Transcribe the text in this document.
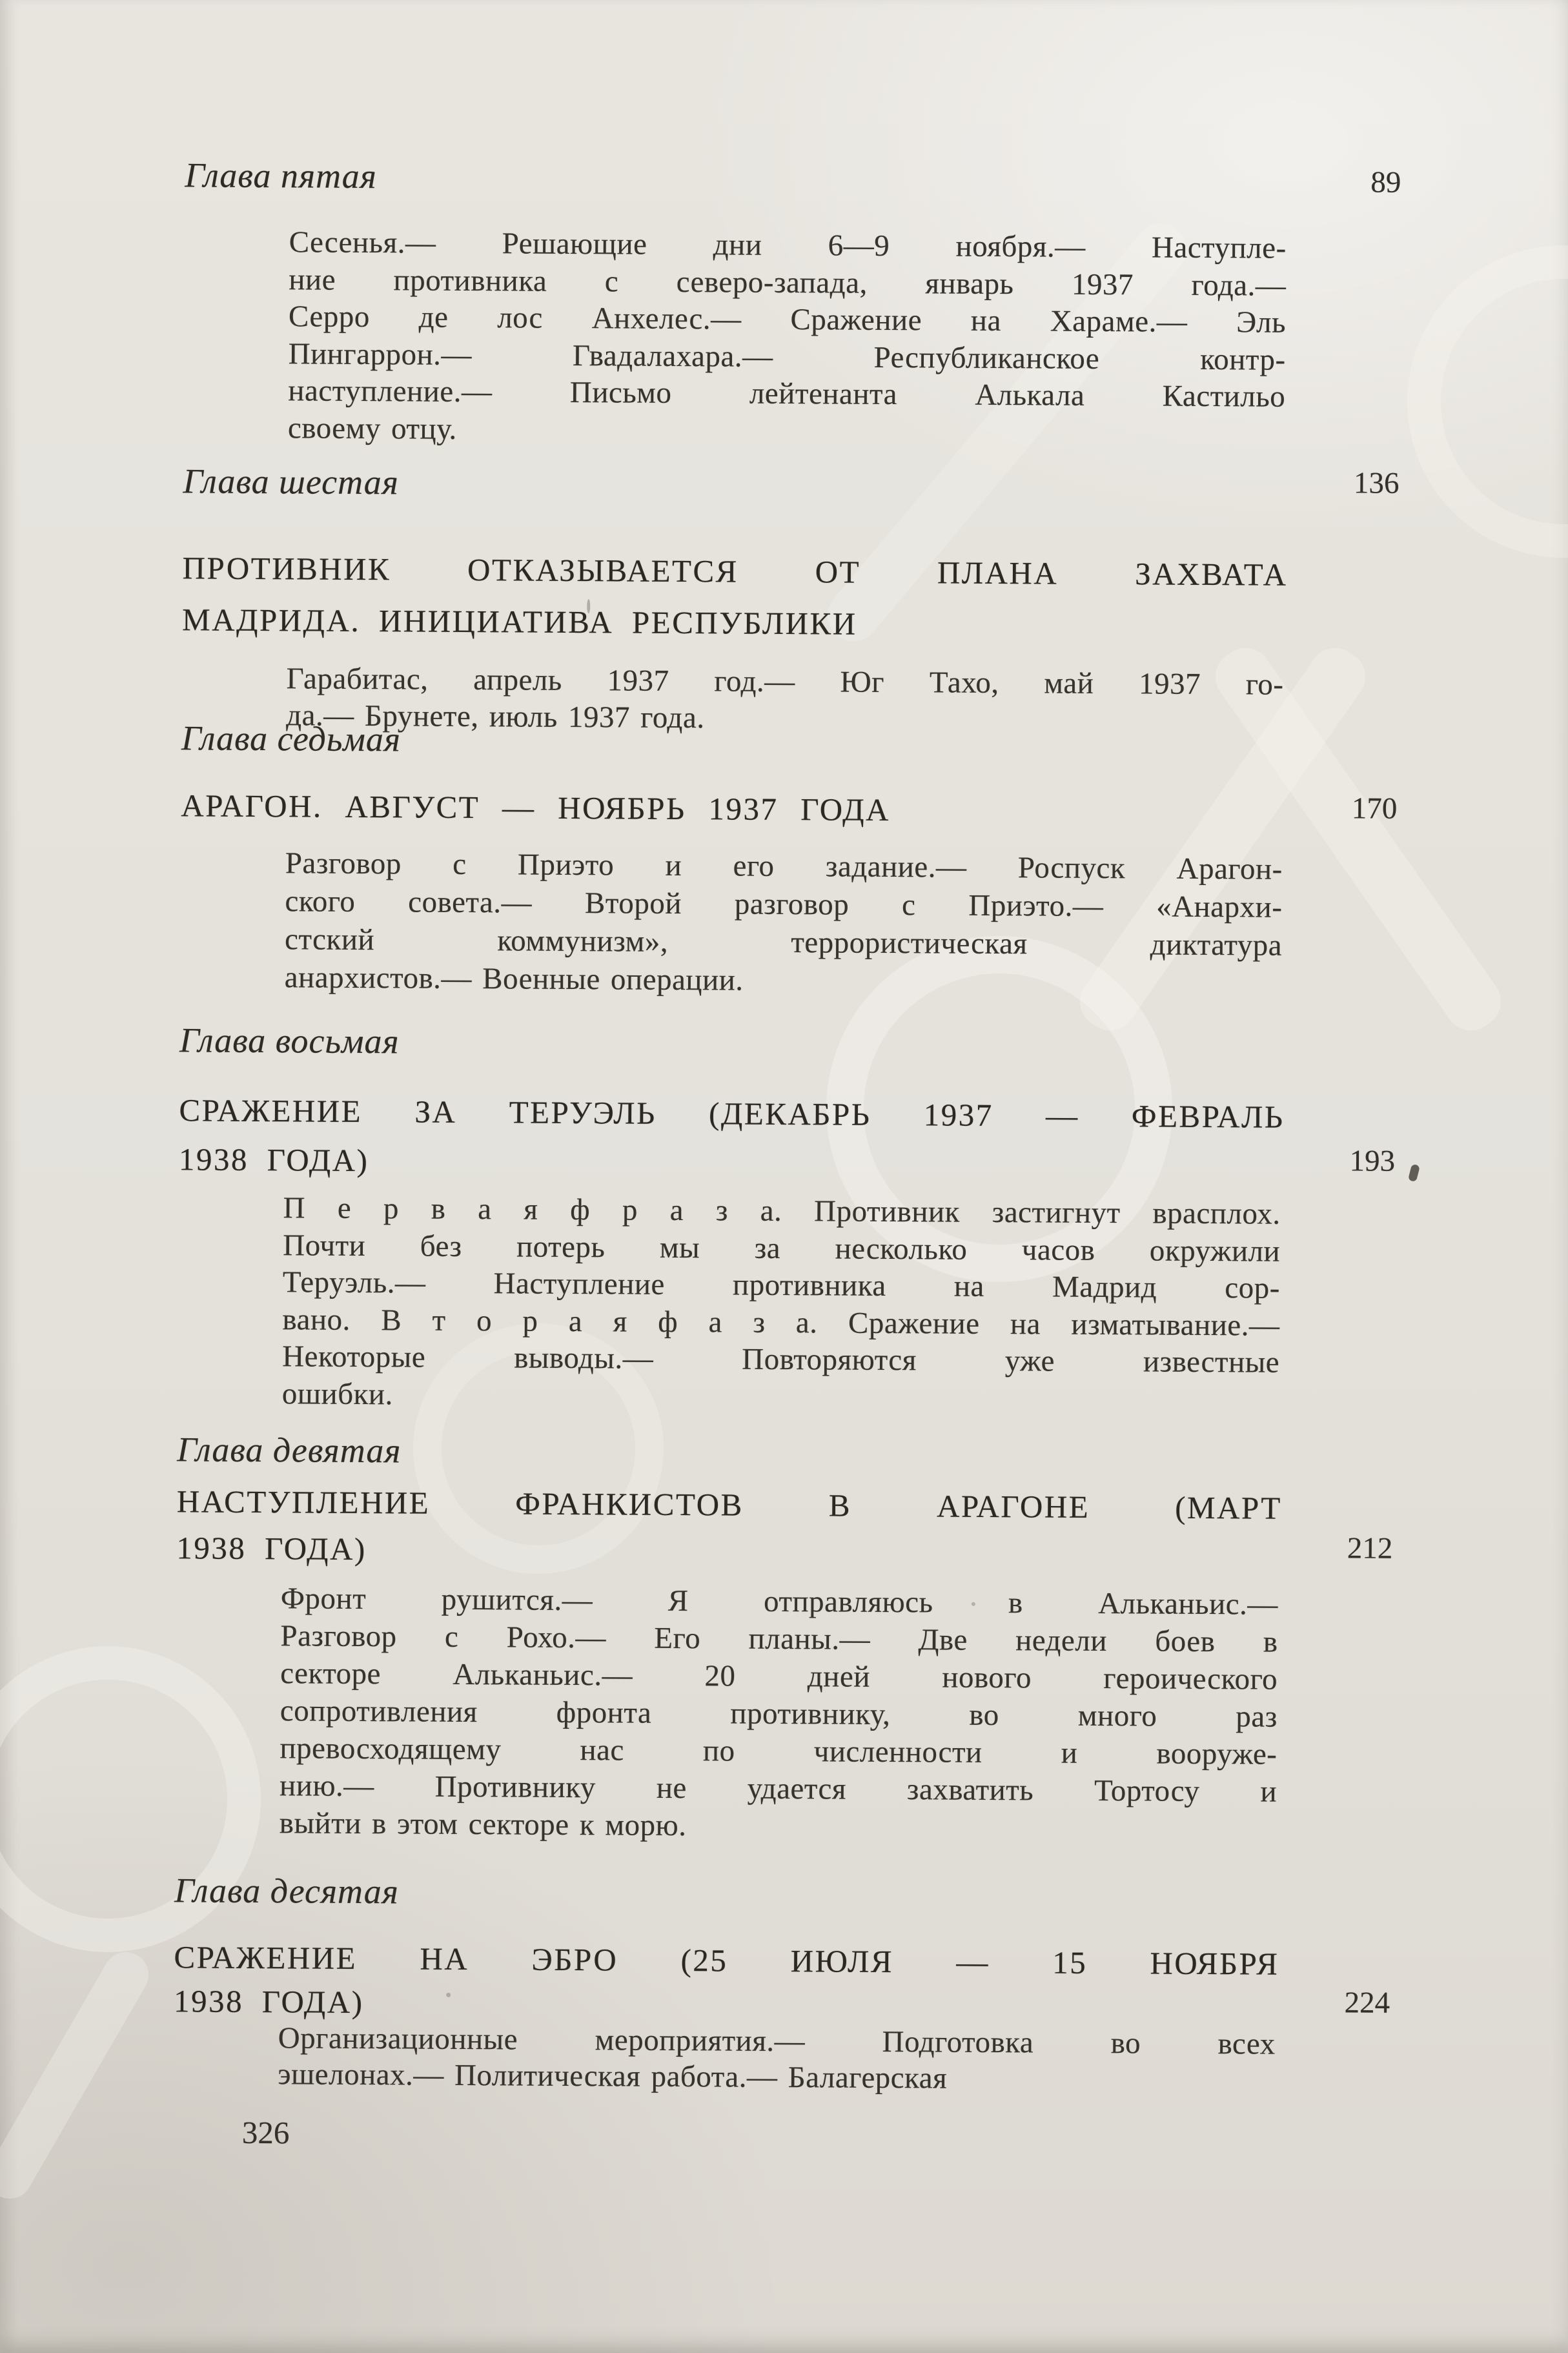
Глава пятая	89
Сесенья.— Решающие дни 6—9 ноября.— Наступле-
ние противника с северо-запада, январь 1937 года.—
Серро де лос Анхелес.— Сражение на Хараме.— Эль
Пингаррон.— Гвадалахара.— Республиканское контр-
наступление.— Письмо лейтенанта Алькала Кастильо
своему отцу.
Глава шестая	136
ПРОТИВНИК ОТКАЗЫВАЕТСЯ ОТ ПЛАНА ЗАХВАТА
МАДРИДА. ИНИЦИАТИВА РЕСПУБЛИКИ
Гарабитас, апрель 1937 год.— Юг Тахо, май 1937 го-
да.— Брунете, июль 1937 года.
Глава седьмая
170
АРАГОН. АВГУСТ — НОЯБРЬ 1937 ГОДА
Разговор с Приэто и его задание.— Роспуск Арагон-
ского совета.— Второй разговор с Приэто.— «Анархи-
стский коммунизм», террористическая диктатура
анархистов.— Военные операции.
Глава восьмая
193
СРАЖЕНИЕ ЗА ТЕРУЭЛЬ (ДЕКАБРЬ 1937 — ФЕВРАЛЬ
1938 ГОДА)
П е р в а я ф р а з а. Противник застигнут врасплох.
Почти без потерь мы за несколько часов окружили
Теруэль.— Наступление противника на Мадрид сор-
вано. В т о р а я ф а з а. Сражение на изматывание.—
Некоторые выводы.— Повторяются уже известные
ошибки.
Глава девятая
212
НАСТУПЛЕНИЕ ФРАНКИСТОВ В АРАГОНЕ (МАРТ
1938 ГОДА)
Фронт рушится.— Я отправляюсь в Альканьис.—
Разговор с Рохо.— Его планы.— Две недели боев в
секторе Альканьис.— 20 дней нового героического
сопротивления фронта противнику, во много раз
превосходящему нас по численности и вооруже-
нию.— Противнику не удается захватить Тортосу и
выйти в этом секторе к морю.
Глава десятая
224
СРАЖЕНИЕ НА ЭБРО (25 ИЮЛЯ — 15 НОЯБРЯ
1938 ГОДА)
Организационные мероприятия.— Подготовка во всех
эшелонах.— Политическая работа.— Балагерская
326
